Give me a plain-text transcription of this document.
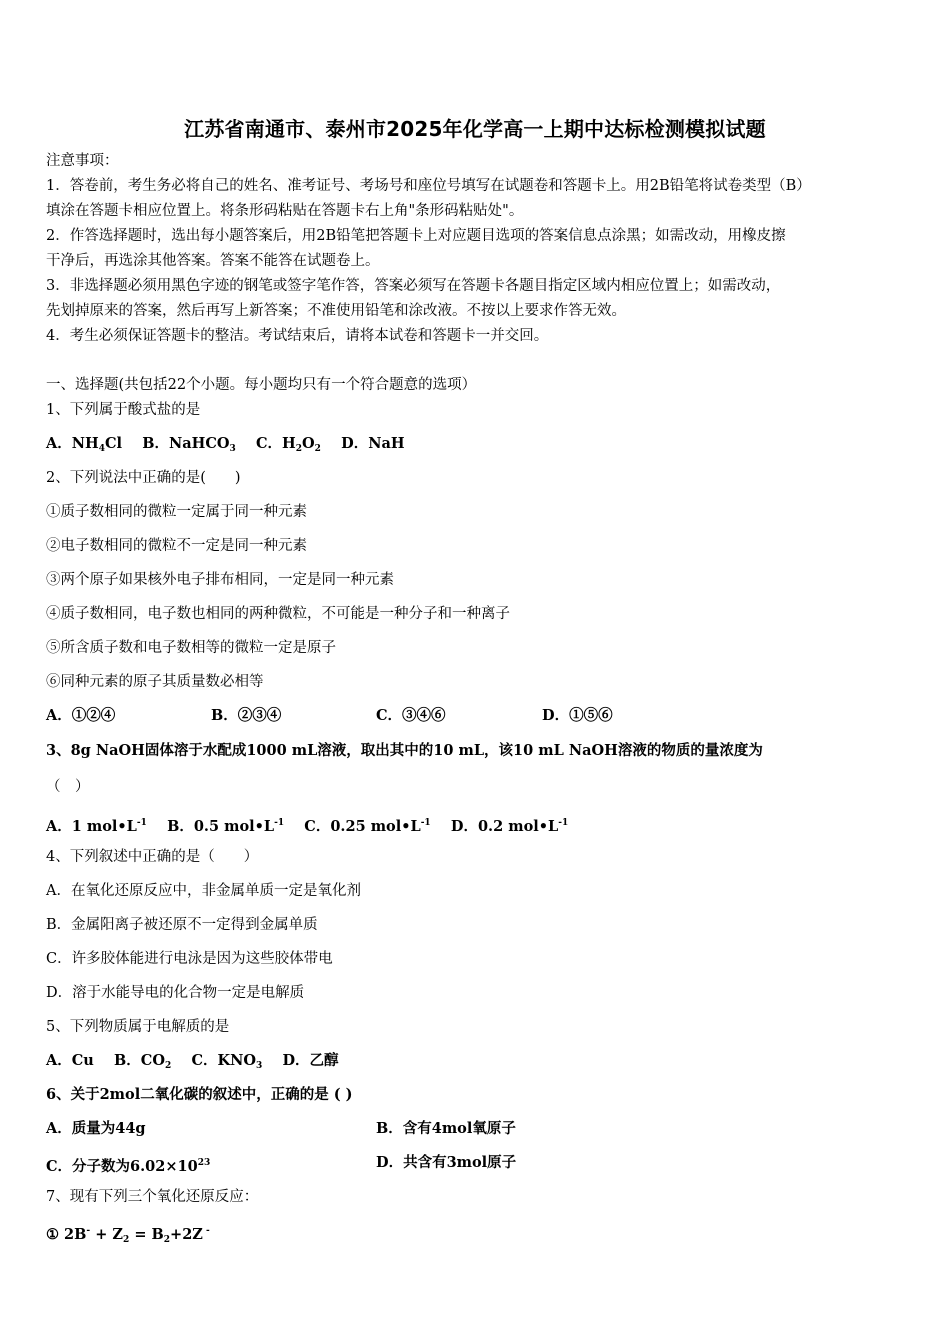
江苏省南通市、泰州市2025年化学高一上期中达标检测模拟试题
注意事项：
1．答卷前，考生务必将自己的姓名、准考证号、考场号和座位号填写在试题卷和答题卡上。用2B铅笔将试卷类型（B）
填涂在答题卡相应位置上。将条形码粘贴在答题卡右上角"条形码粘贴处"。
2．作答选择题时，选出每小题答案后，用2B铅笔把答题卡上对应题目选项的答案信息点涂黑；如需改动，用橡皮擦
干净后，再选涂其他答案。答案不能答在试题卷上。
3．非选择题必须用黑色字迹的钢笔或签字笔作答，答案必须写在答题卡各题目指定区域内相应位置上；如需改动，
先划掉原来的答案，然后再写上新答案；不准使用铅笔和涂改液。不按以上要求作答无效。
4．考生必须保证答题卡的整洁。考试结束后，请将本试卷和答题卡一并交回。
一、选择题(共包括22个小题。每小题均只有一个符合题意的选项）
1、下列属于酸式盐的是
A．$NH_4Cl$ B．NaHCO$_3$ C．$H_2O_2$ D．NaH
2、下列说法中正确的是(　　)
①质子数相同的微粒一定属于同一种元素
②电子数相同的微粒不一定是同一种元素
③两个原子如果核外电子排布相同，一定是同一种元素
④质子数相同，电子数也相同的两种微粒，不可能是一种分子和一种离子
⑤所含质子数和电子数相等的微粒一定是原子
⑥同种元素的原子其质量数必相等
A．①②④	B．②③④	C．③④⑥	D．①⑤⑥
3、8g NaOH固体溶于水配成1000 mL溶液，取出其中的10 mL，该10 mL NaOH溶液的物质的量浓度为
（　）
A．1 $mol•L^{-1}$ B．0.5 $mol•L^{-1}$ C．0.25 $mol•L^{-1}$ D．0.2 $mol•L^{-1}$
4、下列叙述中正确的是（　　）
A．在氧化还原反应中，非金属单质一定是氧化剂
B．金属阳离子被还原不一定得到金属单质
C．许多胶体能进行电泳是因为这些胶体带电
D．溶于水能导电的化合物一定是电解质
5、下列物质属于电解质的是
A．Cu B．$CO_2$ C．$KNO_3$ D．乙醇
6、关于2mol二氧化碳的叙述中，正确的是 ( )
A．质量为44g	B．含有4mol氧原子
C．分子数为$6.02\times 10^{23}$	D．共含有3mol原子
7、现有下列三个氧化还原反应：
① $2B^- + Z_2 = B_2+2Z$ -
